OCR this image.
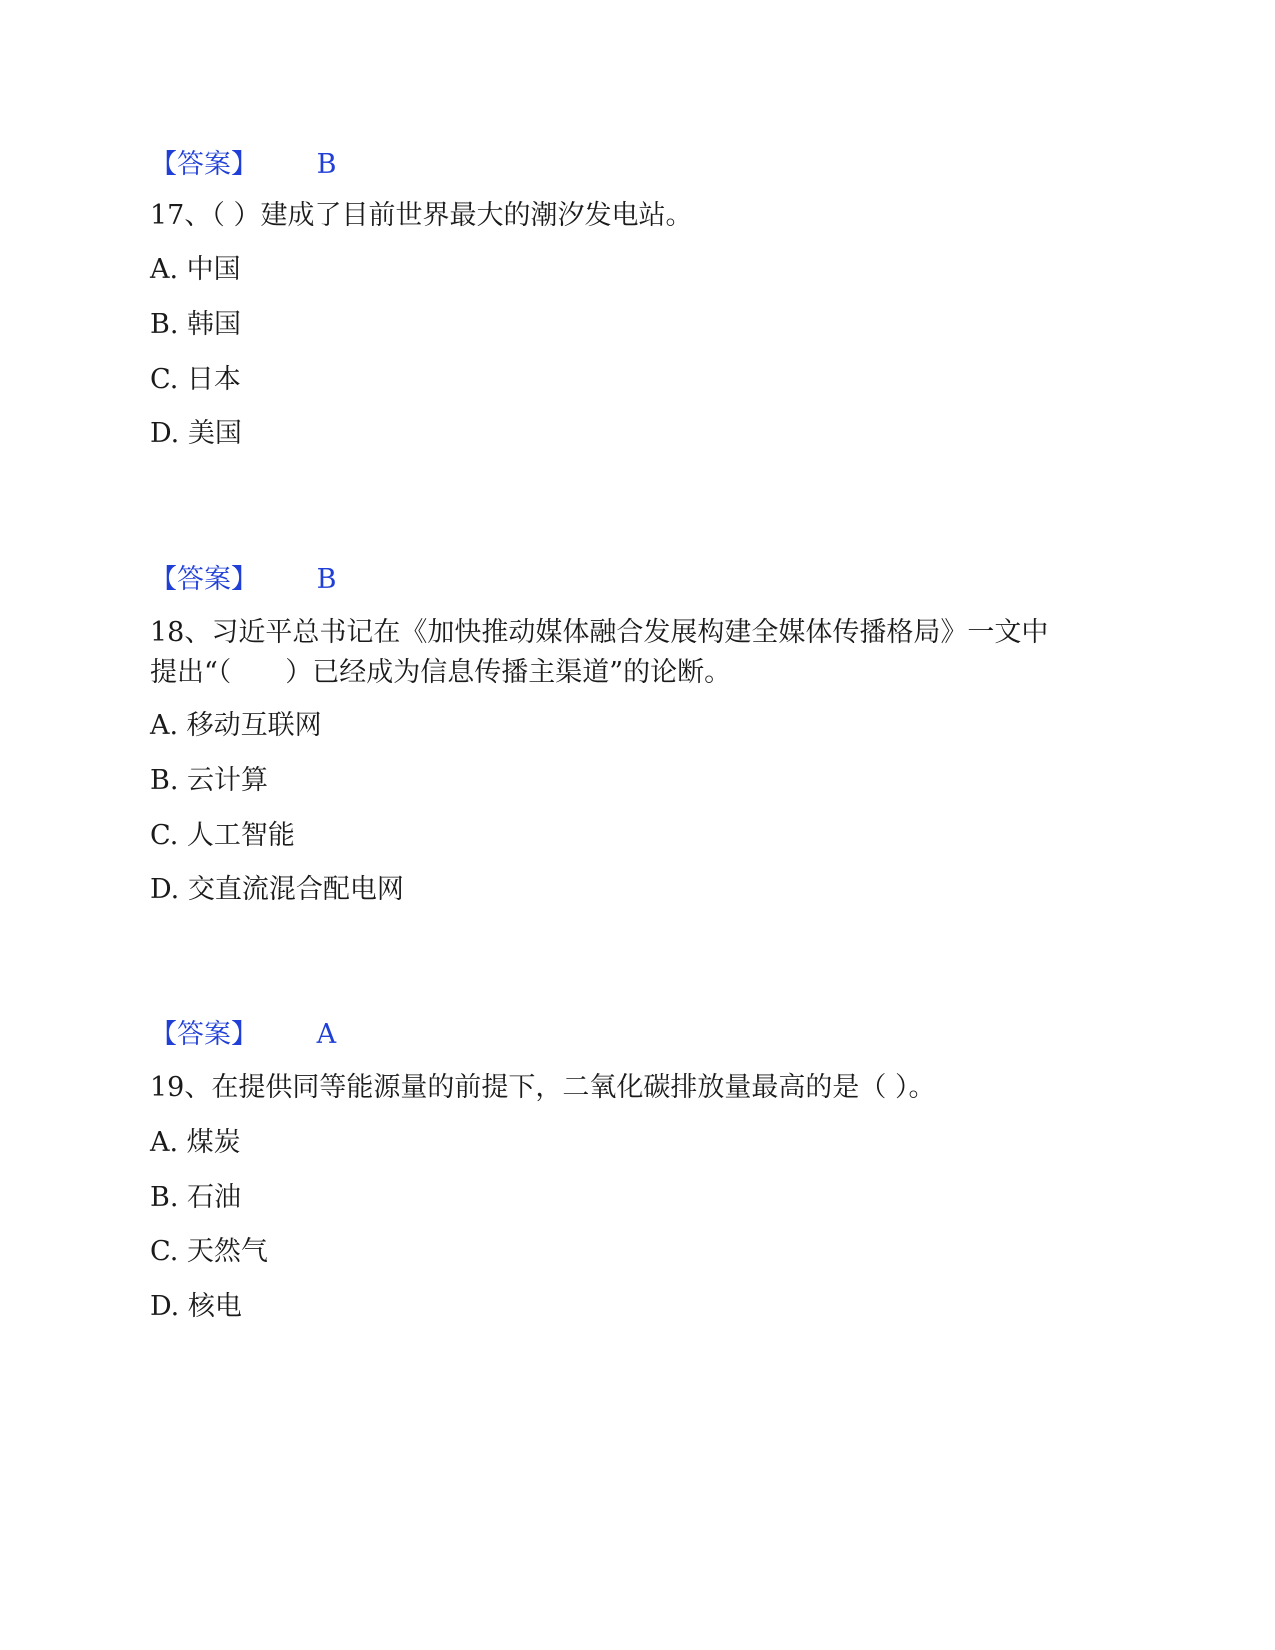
【答案】 B
17、（ ）建成了目前世界最大的潮汐发电站。
A. 中国
B. 韩国
C. 日本
D. 美国
【答案】 B
18、习近平总书记在《加快推动媒体融合发展构建全媒体传播格局》一文中
提出“（　　）已经成为信息传播主渠道”的论断。
A. 移动互联网
B. 云计算
C. 人工智能
D. 交直流混合配电网
【答案】 A
19、在提供同等能源量的前提下，二氧化碳排放量最高的是（ ）。
A. 煤炭
B. 石油
C. 天然气
D. 核电
